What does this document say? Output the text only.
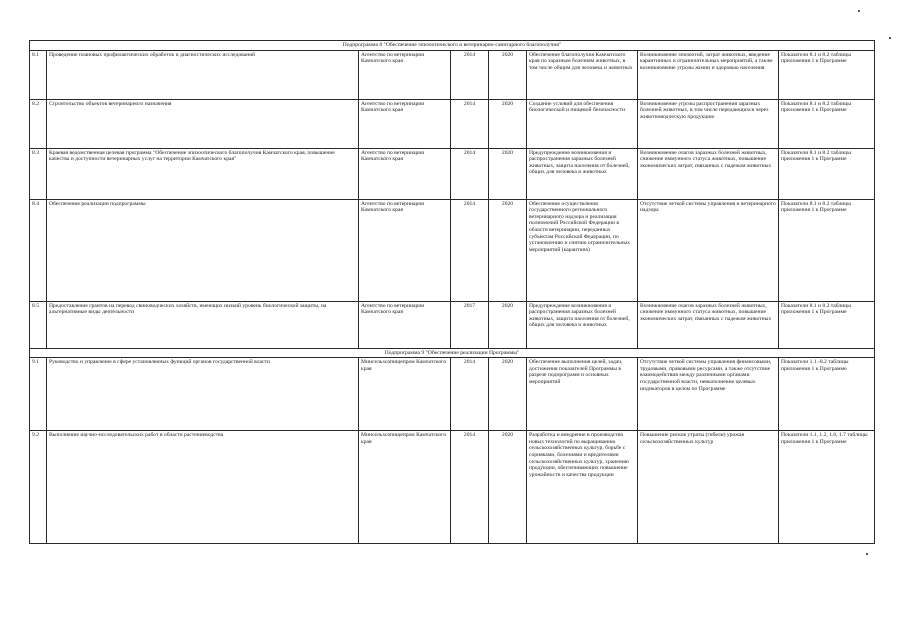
Подпрограмма 8 "Обеспечение эпизоотического и ветеринарно-санитарного благополучия"							
8.1	Проведение плановых профилактических обработок и диагностических исследований	Агентство по ветеринарии Камчатского края	2014	2020	Обеспечение благополучия Камчатского края по заразным болезням животных, в том числе общим для человека и животных	Возникновение эпизоотий, затрат животных, введение карантинных и ограничительных мероприятий, а также возникновение угрозы жизни и здоровью населения	Показатели 8.1 и 8.2 таблицы приложения 1 к Программе
8.2	Строительство объектов ветеринарного назначения	Агентство по ветеринарии Камчатского края	2014	2020	Создание условий для обеспечения биологической и пищевой безопасности	Возникновение угрозы распространения заразных болезней животных, в том числе передающихся через животноводческую продукцию	Показатели 8.1 и 8.2 таблицы приложения 1 к Программе
8.3	Краевая ведомственная целевая программа "Обеспечение эпизоотического благополучия Камчатского края, повышение качества и доступности ветеринарных услуг на территории Камчатского края"	Агентство по ветеринарии Камчатского края	2014	2020	Предупреждение возникновения и распространения заразных болезней животных, защита населения от болезней, общих для человека и животных	Возникновение очагов заразных болезней животных, снижение иммунного статуса животных, повышение экономических затрат, связанных с падежом животных	Показатели 8.1 и 8.2 таблицы приложения 1 к Программе
8.4	Обеспечение реализации подпрограммы	Агентство по ветеринарии Камчатского края	2014	2020	Обеспечение осуществления государственного регионального ветеринарного надзора и реализация полномочий Российской Федерации в области ветеринарии, переданных субъектам Российской Федерации, по установлению и снятию ограничительных мероприятий (карантина)	Отсутствие четкой системы управления и ветеринарного надзора	Показатели 8.1 и 8.2 таблицы приложения 1 к Программе
8.5	Предоставление грантов на перевод свиноводческих хозяйств, имеющих низкий уровень биологической защиты, на альтернативные виды деятельности	Агентство по ветеринарии Камчатского края	2017	2020	Предупреждение возникновения и распространения заразных болезней животных, защита населения от болезней, общих для человека и животных	Возникновение очагов заразных болезней животных, снижение иммунного статуса животных, повышение экономических затрат, связанных с падежом животных	Показатели 8.1 и 8.2 таблицы приложения 1 к Программе
Подпрограмма 9 "Обеспечение реализации Программы"							
9.1	Руководство и управление в сфере установленных функций органов государственной власти	Минсельхозпищепром Камчатского края	2014	2020	Обеспечение выполнения целей, задач, достижения показателей Программы в разрезе подпрограмм и основных мероприятий	Отсутствие четкой системы управления финансовыми, трудовыми, правовыми ресурсами, а также отсутствие взаимодействия между различными органами государственной власти, невыполнение целевых индикаторов в целом по Программе	Показатели 1.1.-8.2 таблицы приложения 1 к Программе
9.2	Выполнение научно-исследовательских работ в области растениеводства	Минсельхозпищепром Камчатского края	2014	2020	Разработка и внедрение в производство новых технологий по выращиванию сельскохозяйственных культур, борьбе с сорняками, болезнями и вредителями сельскохозяйственных культур, хранению продукции, обеспечивающих повышение урожайности и качества продукции	Повышение рисков утраты (гибели) урожая сельскохозяйственных культур	Показатели 1.1, 1.2, 1.6, 1.7 таблицы приложения 1 к Программе
